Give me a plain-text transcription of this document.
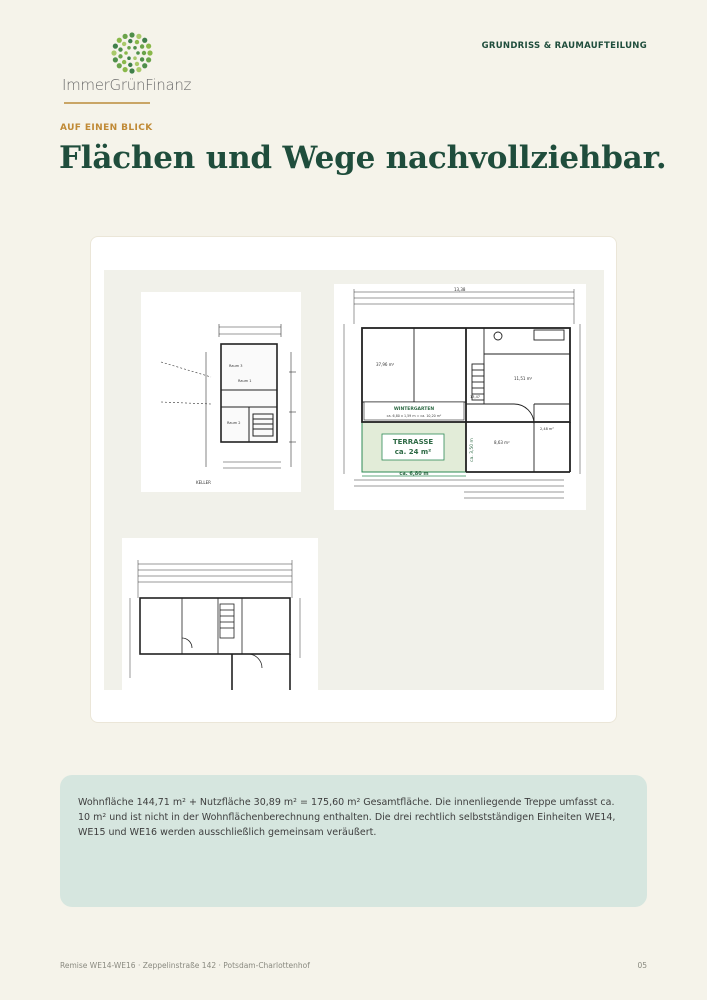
ImmerGrünFinanz
GRUNDRISS & RAUMAUFTEILUNG
AUF EINEN BLICK
Flächen und Wege nachvollziehbar.
Raum 3
Raum 1
Raum 2
KELLER
13,38
TERRASSE
ca. 24 m²
ca. 6,80 m
ca. 3,50 m
WINTERGARTEN
ca. 6,80 x 1,59 m = ca. 10,20 m²
37,96 m²
13,47
11,51 m²
8,63 m²
2,48 m²

Wohnfläche 144,71 m² + Nutzfläche 30,89 m² = 175,60 m² Gesamtfläche. Die innenliegende Treppe umfasst ca. 10 m² und ist nicht in der Wohnflächenberechnung enthalten. Die drei rechtlich selbstständigen Einheiten WE14, WE15 und WE16 werden ausschließlich gemeinsam veräußert.

Remise WE14-WE16 · Zeppelinstraße 142 · Potsdam-Charlottenhof	05
